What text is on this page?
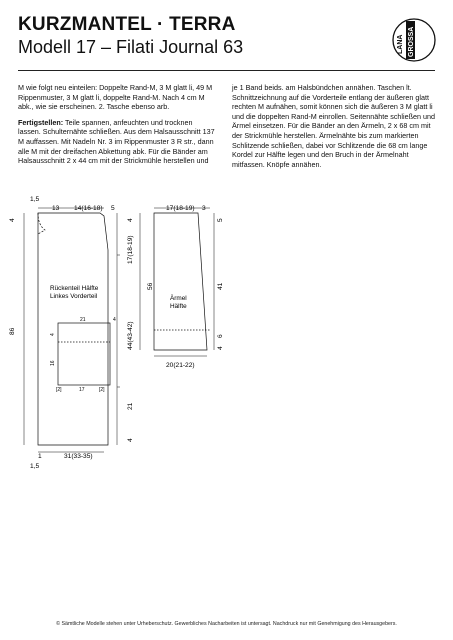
KURZMANTEL · TERRA
Modell 17 – Filati Journal 63	LANA GROSSA

M wie folgt neu einteilen: Doppelte Rand-M, 3 M glatt li, 49 M Rippenmuster, 3 M glatt li, doppelte Rand-M. Nach 4 cm M abk., wie sie erscheinen. 2. Tasche ebenso arb.

Fertigstellen: Teile spannen, anfeuchten und trocknen lassen. Schulternähte schließen. Aus dem Halsausschnitt 137 M auffassen. Mit Nadeln Nr. 3 im Rippenmuster 3 R str., dann alle M mit der dreifachen Abkettung abk. Für die Bänder am Halsausschnitt 2 x 44 cm mit der Strickmühle herstellen und

je 1 Band beids. am Halsbündchen annähen. Taschen lt. Schnittzeichnung auf die Vorderteile entlang der äußeren glatt rechten M aufnähen, somit können sich die äußeren 3 M glatt li und die doppelten Rand-M einrollen. Seitennähte schließen und Ärmel einsetzen. Für die Bänder an den Ärmeln, 2 x 68 cm mit der Strickmühle herstellen. Ärmelnähte bis zum markierten Schlitzende schließen, dabei vor Schlitzende die 68 cm lange Kordel zur Hälfte legen und den Bruch in der Ärmelnaht mitfassen. Knöpfe annähen.

Rückenteil Hälfte
Linkes Vorderteil	Ärmel
Hälfte
1,5
13 14(16-18) 5
4	4
17(18-19)
56
44(43-42)
86
21
4
1
1,5
31(33-35)
21	4
4
16
[2]	17	[2]
17(18-19) 3
5
41
4
6
20(21-22)
© Sämtliche Modelle stehen unter Urheberschutz. Gewerbliches Nacharbeiten ist untersagt. Nachdruck nur mit Genehmigung des Herausgebers.
